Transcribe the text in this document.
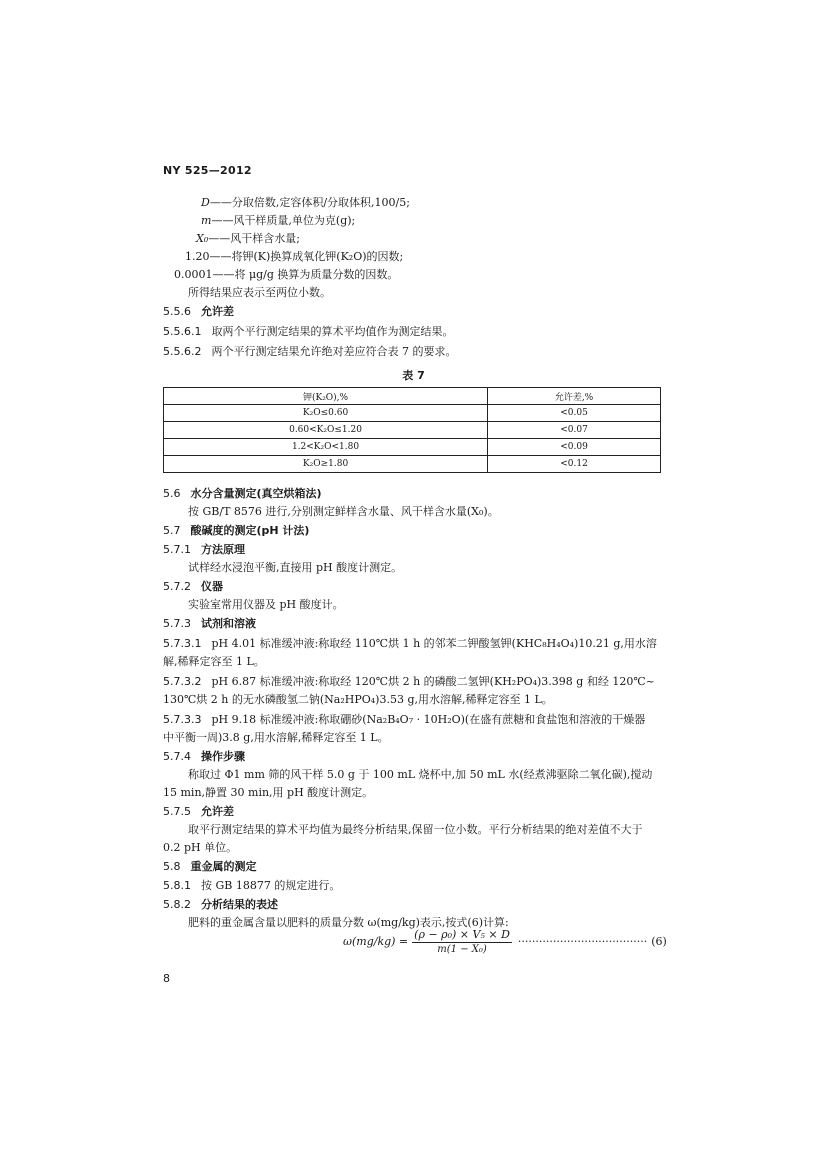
NY 525—2012
D——分取倍数,定容体积/分取体积,100/5;
m——风干样质量,单位为克(g);
X₀——风干样含水量;
1.20——将钾(K)换算成氧化钾(K₂O)的因数;
0.0001——将 μg/g 换算为质量分数的因数。
所得结果应表示至两位小数。
5.5.6 允许差
5.5.6.1 取两个平行测定结果的算术平均值作为测定结果。
5.5.6.2 两个平行测定结果允许绝对差应符合表 7 的要求。
表 7
钾(K₂O),%	允许差,%
K₂O≤0.60	<0.05
0.60<K₂O≤1.20	<0.07
1.2<K₂O<1.80	<0.09
K₂O≥1.80	<0.12
5.6 水分含量测定(真空烘箱法)
按 GB/T 8576 进行,分别测定鲜样含水量、风干样含水量(X₀)。
5.7 酸碱度的测定(pH 计法)
5.7.1 方法原理
试样经水浸泡平衡,直接用 pH 酸度计测定。
5.7.2 仪器
实验室常用仪器及 pH 酸度计。
5.7.3 试剂和溶液
5.7.3.1 pH 4.01 标准缓冲液:称取经 110℃烘 1 h 的邻苯二钾酸氢钾(KHC₈H₄O₄)10.21 g,用水溶
解,稀释定容至 1 L。
5.7.3.2 pH 6.87 标准缓冲液:称取经 120℃烘 2 h 的磷酸二氢钾(KH₂PO₄)3.398 g 和经 120℃~
130℃烘 2 h 的无水磷酸氢二钠(Na₂HPO₄)3.53 g,用水溶解,稀释定容至 1 L。
5.7.3.3 pH 9.18 标准缓冲液:称取硼砂(Na₂B₄O₇ · 10H₂O)(在盛有蔗糖和食盐饱和溶液的干燥器
中平衡一周)3.8 g,用水溶解,稀释定容至 1 L。
5.7.4 操作步骤
称取过 Φ1 mm 筛的风干样 5.0 g 于 100 mL 烧杯中,加 50 mL 水(经煮沸驱除二氧化碳),搅动
15 min,静置 30 min,用 pH 酸度计测定。
5.7.5 允许差
取平行测定结果的算术平均值为最终分析结果,保留一位小数。平行分析结果的绝对差值不大于
0.2 pH 单位。
5.8 重金属的测定
5.8.1 按 GB 18877 的规定进行。
5.8.2 分析结果的表述
肥料的重金属含量以肥料的质量分数 ω(mg/kg)表示,按式(6)计算:
$\omega(mg/kg) = \frac{\text{(ρ − ρ₀) × V₅ × D}}{\text{m(1 − X₀)}}$ ····································· (6)
8
